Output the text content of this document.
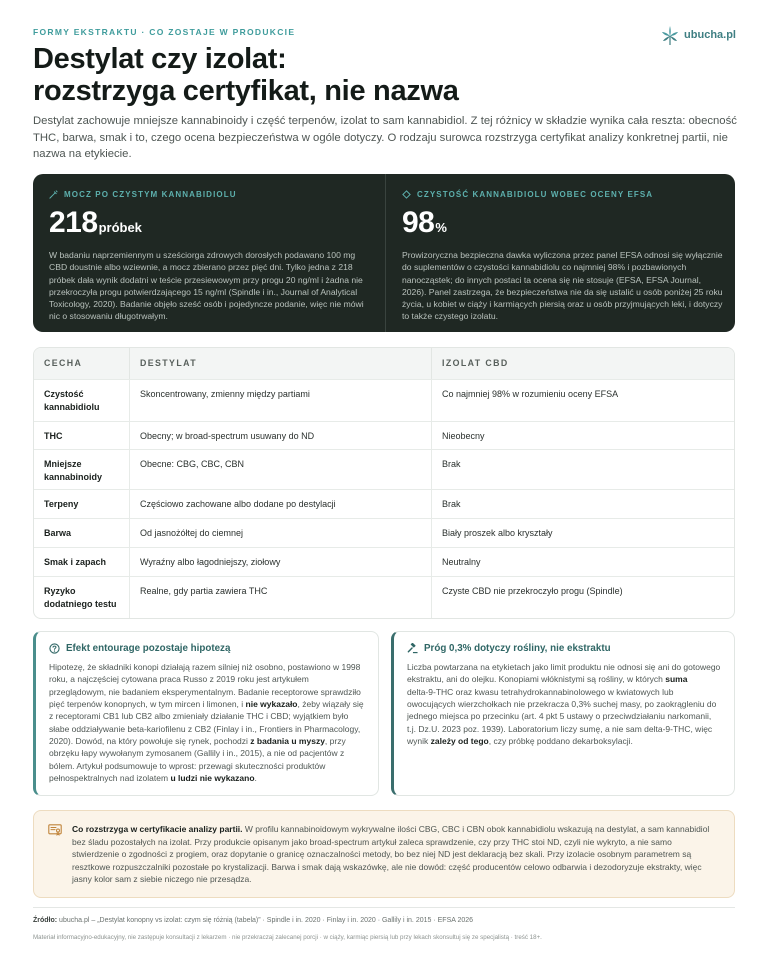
FORMY EKSTRAKTU · CO ZOSTAJE W PRODUKCIE	ubucha.pl
Destylat czy izolat:
rozstrzyga certyfikat, nie nazwa
Destylat zachowuje mniejsze kannabinoidy i część terpenów, izolat to sam kannabidiol. Z tej różnicy w składzie wynika cała reszta: obecność THC, barwa, smak i to, czego ocena bezpieczeństwa w ogóle dotyczy. O rodzaju surowca rozstrzyga certyfikat analizy konkretnej partii, nie nazwa na etykiecie.
MOCZ PO CZYSTYM KANNABIDIOLU
218próbek
W badaniu naprzemiennym u sześciorga zdrowych dorosłych podawano 100 mg CBD doustnie albo wziewnie, a mocz zbierano przez pięć dni. Tylko jedna z 218 próbek dała wynik dodatni w teście przesiewowym przy progu 20 ng/ml i żadna nie przekroczyła progu potwierdzającego 15 ng/ml (Spindle i in., Journal of Analytical Toxicology, 2020). Badanie objęło sześć osób i pojedyncze podanie, więc nie mówi nic o stosowaniu długotrwałym.
CZYSTOŚĆ KANNABIDIOLU WOBEC OCENY EFSA
98%
Prowizoryczna bezpieczna dawka wyliczona przez panel EFSA odnosi się wyłącznie do suplementów o czystości kannabidiolu co najmniej 98% i pozbawionych nanocząstek; do innych postaci ta ocena się nie stosuje (EFSA, EFSA Journal, 2026). Panel zastrzega, że bezpieczeństwa nie da się ustalić u osób poniżej 25 roku życia, u kobiet w ciąży i karmiących piersią oraz u osób przyjmujących leki, i dotyczy to także czystego izolatu.
CECHA	DESTYLAT	IZOLAT CBD
Czystość kannabidiolu
Skoncentrowany, zmienny między partiami	Co najmniej 98% w rozumieniu oceny EFSA
THC	Obecny; w broad‑spectrum usuwany do ND	Nieobecny
Mniejsze kannabinoidy
Obecne: CBG, CBC, CBN	Brak
Terpeny	Częściowo zachowane albo dodane po destylacji	Brak
Barwa	Od jasnożółtej do ciemnej	Biały proszek albo kryształy
Smak i zapach	Wyraźny albo łagodniejszy, ziołowy	Neutralny
Ryzyko dodatniego testu
Realne, gdy partia zawiera THC	Czyste CBD nie przekroczyło progu (Spindle)
Efekt entourage pozostaje hipotezą
Hipotezę, że składniki konopi działają razem silniej niż osobno, postawiono w 1998 roku, a najczęściej cytowana praca Russo z 2019 roku jest artykułem przeglądowym, nie badaniem eksperymentalnym. Badanie receptorowe sprawdziło pięć terpenów konopnych, w tym mircen i limonen, i nie wykazało, żeby wiązały się z receptorami CB1 lub CB2 albo zmieniały działanie THC i CBD; wyjątkiem było słabe oddziaływanie beta‑kariofilenu z CB2 (Finlay i in., Frontiers in Pharmacology, 2020). Dowód, na który powołuje się rynek, pochodzi z badania u myszy, przy obrzęku łapy wywołanym zymosanem (Gallily i in., 2015), a nie od pacjentów z bólem. Artykuł podsumowuje to wprost: przewagi skuteczności produktów pełnospektralnych nad izolatem u ludzi nie wykazano.
Próg 0,3% dotyczy rośliny, nie ekstraktu
Liczba powtarzana na etykietach jako limit produktu nie odnosi się ani do gotowego ekstraktu, ani do olejku. Konopiami włóknistymi są rośliny, w których suma delta‑9‑THC oraz kwasu tetrahydrokannabinolowego w kwiatowych lub owocujących wierzchołkach nie przekracza 0,3% suchej masy, po zaokrągleniu do jednego miejsca po przecinku (art. 4 pkt 5 ustawy o przeciwdziałaniu narkomanii, t.j. Dz.U. 2023 poz. 1939). Laboratorium liczy sumę, a nie sam delta‑9‑THC, więc wynik zależy od tego, czy próbkę poddano dekarboksylacji.
Co rozstrzyga w certyfikacie analizy partii. W profilu kannabinoidowym wykrywalne ilości CBG, CBC i CBN obok kannabidiolu wskazują na destylat, a sam kannabidiol bez śladu pozostałych na izolat. Przy produkcie opisanym jako broad‑spectrum artykuł zaleca sprawdzenie, czy przy THC stoi ND, czyli nie wykryto, a nie samo stwierdzenie o zgodności z progiem, oraz dopytanie o granicę oznaczalności metody, bo bez niej ND jest deklaracją bez skali. Przy izolacie osobnym parametrem są resztkowe rozpuszczalniki pozostałe po krystalizacji. Barwa i smak dają wskazówkę, ale nie dowód: część producentów celowo odbarwia i dezodoryzuje ekstrakty, więc jasny kolor sam z siebie niczego nie przesądza.
Źródło: ubucha.pl – „Destylat konopny vs izolat: czym się różnią (tabela)” · Spindle i in. 2020 · Finlay i in. 2020 · Gallily i in. 2015 · EFSA 2026
Materiał informacyjno‑edukacyjny, nie zastępuje konsultacji z lekarzem · nie przekraczaj zalecanej porcji · w ciąży, karmiąc piersią lub przy lekach skonsultuj się ze specjalistą · treść 18+.
